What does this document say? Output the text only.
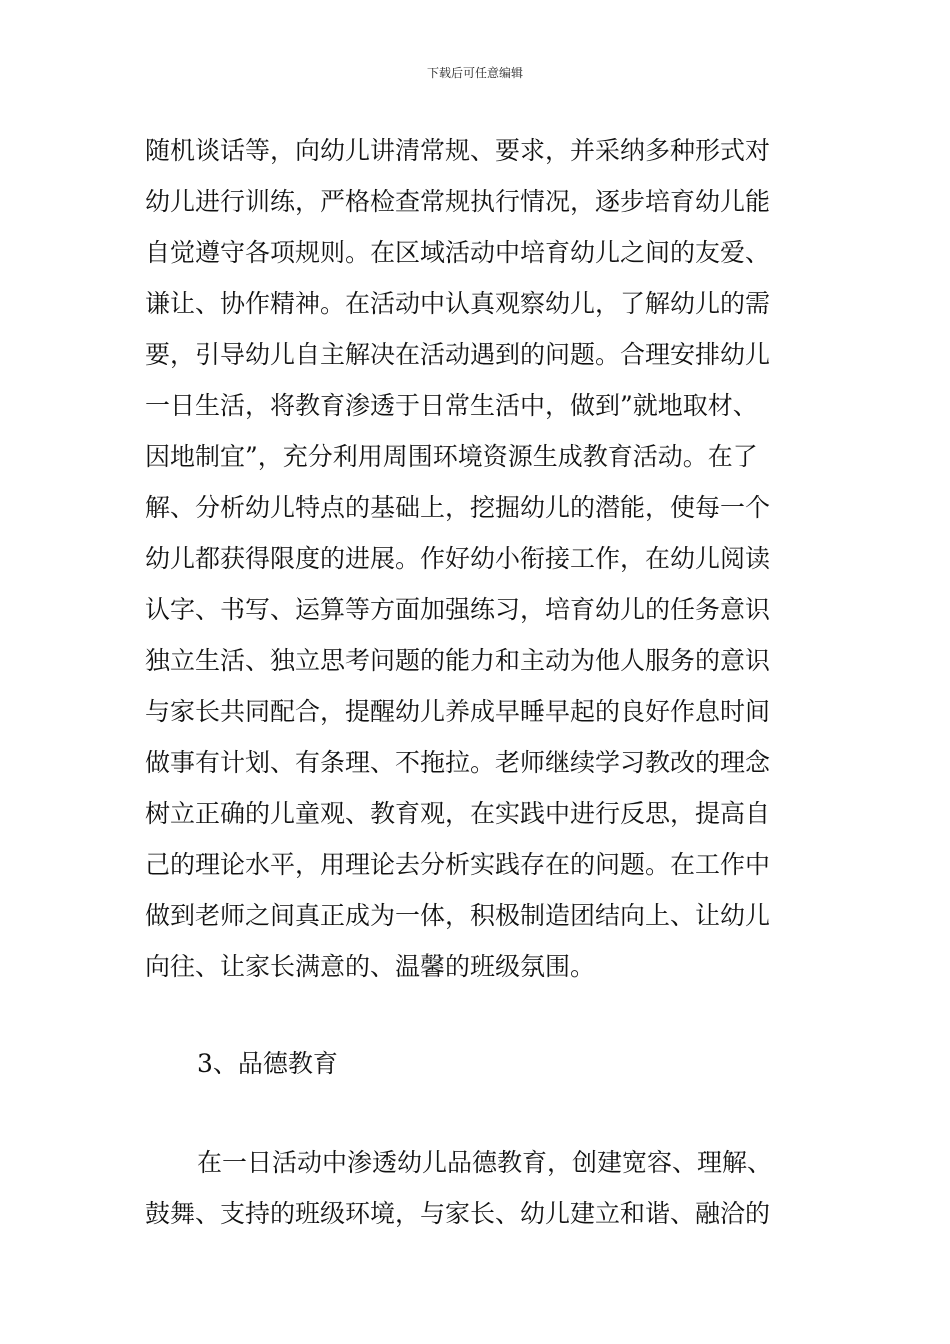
下载后可任意编辑
随机谈话等，向幼儿讲清常规、要求，并采纳多种形式对
幼儿进行训练，严格检查常规执行情况，逐步培育幼儿能
自觉遵守各项规则。在区域活动中培育幼儿之间的友爱、
谦让、协作精神。在活动中认真观察幼儿，了解幼儿的需
要，引导幼儿自主解决在活动遇到的问题。合理安排幼儿
一日生活，将教育渗透于日常生活中，做到”就地取材、
因地制宜”，充分利用周围环境资源生成教育活动。在了
解、分析幼儿特点的基础上，挖掘幼儿的潜能，使每一个
幼儿都获得限度的进展。作好幼小衔接工作，在幼儿阅读
认字、书写、运算等方面加强练习，培育幼儿的任务意识
独立生活、独立思考问题的能力和主动为他人服务的意识
与家长共同配合，提醒幼儿养成早睡早起的良好作息时间
做事有计划、有条理、不拖拉。老师继续学习教改的理念
树立正确的儿童观、教育观，在实践中进行反思，提高自
己的理论水平，用理论去分析实践存在的问题。在工作中
做到老师之间真正成为一体，积极制造团结向上、让幼儿
向往、让家长满意的、温馨的班级氛围。
3、品德教育
在一日活动中渗透幼儿品德教育，创建宽容、理解、
鼓舞、支持的班级环境，与家长、幼儿建立和谐、融洽的
